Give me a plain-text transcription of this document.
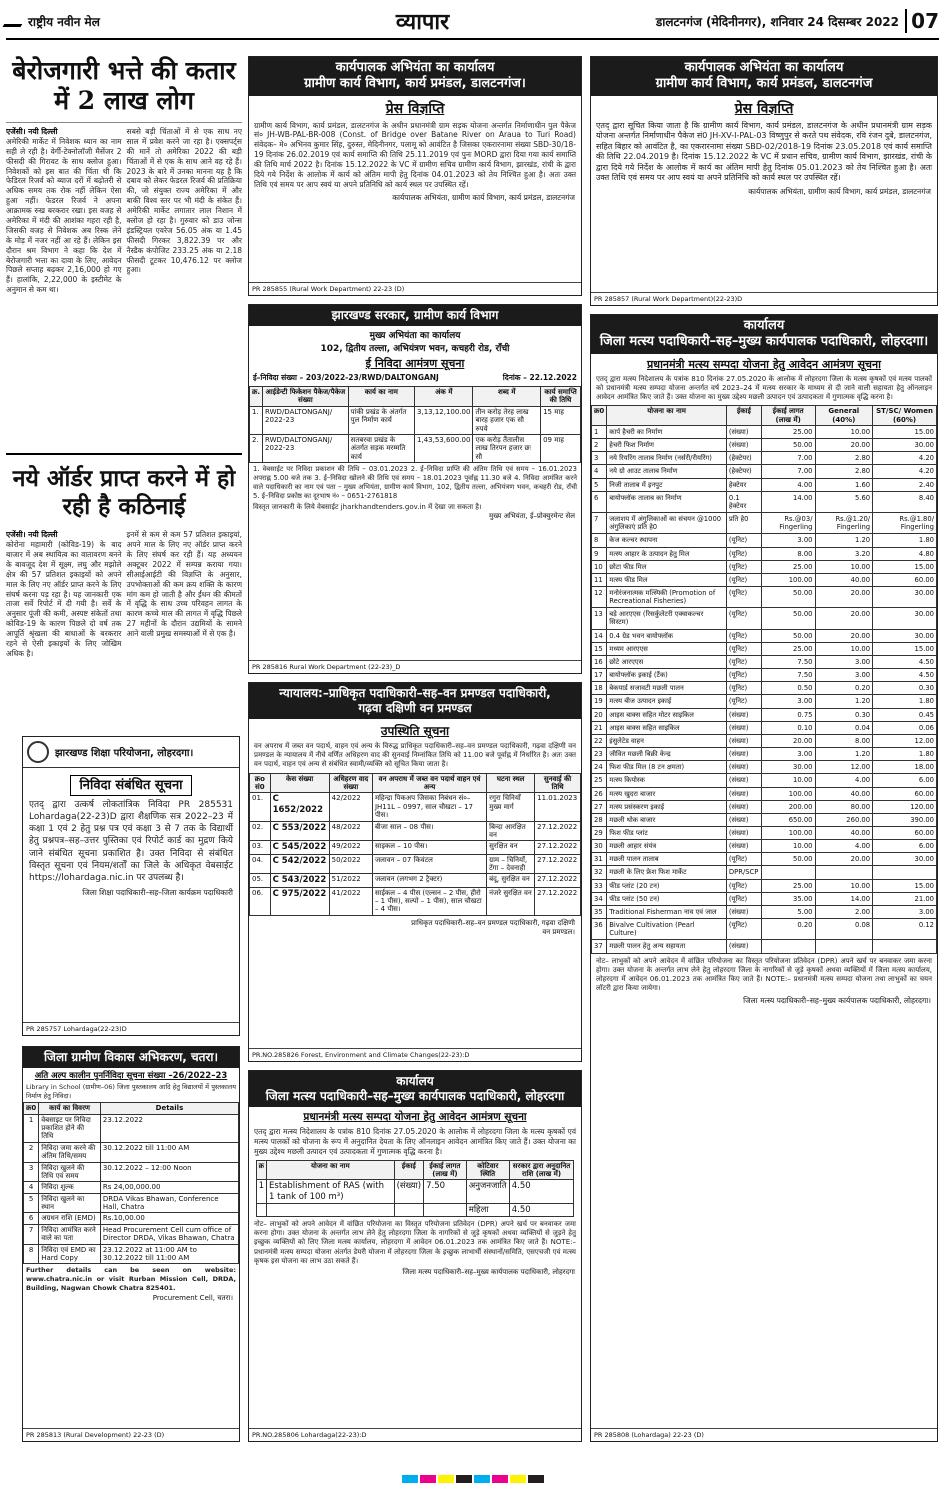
राष्ट्रीय नवीन मेल	व्यापार	डालटनगंज (मेदिनीनगर), शनिवार 24 दिसम्बर 2022 07
बेरोजगारी भत्ते की कतार में 2 लाख लोग
एजेंसी। नयी दिल्ली
अमेरिकी मार्केट में निवेशक ध्यान का नाम सही ले रही है। वेर्गी-टेक्नोलॉजी मैसेंजर 2 फीसदी की गिरावट के साथ क्लोज हुआ। निवेशकों को इस बात की चिंता थी कि फेडिरल रिजर्व को ब्याज दरों में बढ़ोतरी से अधिक समय तक रोक नहीं लेकिन ऐसा हुआ नहीं। फेडरल रिजर्व ने अपना आक्रामक रुख बरकरार रखा। इस वजह से अमेरिका में मंदी की आशंका गहरा रही है, जिसकी वजह से निवेशक अब रिस्क लेने के मोड़ में नजर नहीं आ रहे हैं। लेकिन इस दौरान श्रम विभाग ने कहा कि देश में बेरोजगारी भत्ता का दावा के लिए, आवेदन पिछले सप्ताह बढ़कर 2,16,000 हो गए हैं। हालांकि, 2,22,000 के इस्टीमेट के अनुमान से कम था।
सबसे बड़ी चिंताओं में से एक साथ नए साल में प्रवेश करने जा रहा है। एक्सपर्ट्स की मानें तो अमेरिका 2022 की बड़ी चिंताओं में से एक के साथ आने वह रहे हैं। 2023 के बारे में उनका मानना यह है कि दबाव को लेकर फेडरल रिजर्व की प्रतिक्रिया की, जो संयुक्त राज्य अमेरिका में और बाकी विश्व स्तर पर भी मंदी के संकेत हैं। अमेरिकी मार्केट लगातार लाल निशान में क्लोज हो रहा है। गुरुवार को डाउ जोन्स इंडस्ट्रियल एवरेज 56.05 अंक या 1.45 फीसदी गिरकर 3,822.39 पर और नैस्डैक कंपोजिट 233.25 अंक या 2.18 फीसदी टूटकर 10,476.12 पर क्लोज हुआ।
नये ऑर्डर प्राप्त करने में हो रही है कठिनाई
एजेंसी। नयी दिल्ली
कोरोना महामारी (कोविड-19) के बाद बाजार में अब स्थायित्व का वातावरण बनने के बावजूद देश में सूक्ष्म, लघु और मझोले क्षेत्र की 57 प्रतिशत इकाइयों को अपने माल के लिए नए ऑर्डर प्राप्त करने के लिए संघर्ष करना पड़ रहा है। यह जानकारी एक ताजा सर्वे रिपोर्ट में दी गयी है। सर्वे के अनुसार पूंजी की कमी, अस्पष्ट संकेतों तथा कोविड-19 के कारण पिछले दो वर्ष तक आपूर्ति श्रृंखला की बाधाओं के बरकरार रहने से ऐसी इकाइयों के लिए जोखिम अधिक है।
इनमें से कम से कम 57 प्रतिशत इकाइयां, अपने माल के लिए नए ऑर्डर प्राप्त करने के लिए संघर्ष कर रही हैं। यह अध्ययन अक्टूबर 2022 में सम्पन्न कराया गया। सीआईआईटी की विज्ञप्ति के अनुसार, उपभोक्ताओं की कम क्रय शक्ति के कारण मांग कम हो जाती है और ईंधन की कीमतों में वृद्धि के साथ उच्च परिवहन लागत के कारण कच्चे माल की लागत में वृद्धि पिछले 27 महीनों के दौरान उद्यमियों के सामने आने वाली प्रमुख समस्याओं में से एक है।
झारखण्ड शिक्षा परियोजना, लोहरदगा।
निविदा संबंधित सूचना
एतद् द्वारा उत्कर्ष लोकतांत्रिक निविदा PR 285531 Lohardaga(22-23)D द्वारा शैक्षणिक सत्र 2022–23 में कक्षा 1 एवं 2 हेतु प्रश्न पत्र एवं कक्षा 3 से 7 तक के विद्यार्थी हेतु प्रश्नपत्र–सह–उत्तर पुस्तिका एवं रिपोर्ट कार्ड का मुद्रण किये जाने संबंधित सूचना प्रकाशित है। उक्त निविदा से संबंधित विस्तृत सूचना एवं नियम/शर्तों का जिले के अधिकृत वेबसाईट https://lohardaga.nic.in पर उपलब्ध है।
जिला शिक्षा पदाधिकारी–सह–जिला कार्यक्रम पदाधिकारी
PR 285757 Lohardaga(22-23)D
जिला ग्रामीण विकास अभिकरण, चतरा।
अति अल्प कालीन पुनर्निविदा सूचना संख्या –26/2022–23
Library in School (ग्रामीण–06) जिला पुस्तकालय आदि हेतु विद्यालयों में पुस्तकालय निर्माण हेतु निविदा।
क्र0	कार्य का विवरण	Details
1	वेबसाइट पर निविदा प्रकाशित होने की तिथि	23.12.2022
2	निविदा जमा करने की अंतिम तिथि/समय	30.12.2022 till 11:00 AM
3	निविदा खुलने की तिथि एवं समय	30.12.2022 – 12:00 Noon
4	निविदा शुल्क	Rs 24,00,000.00
5	निविदा खुलने का स्थान	DRDA Vikas Bhawan, Conference Hall, Chatra
6	अग्रधन राशि (EMD)	Rs.10,00.00
7	निविदा आमंत्रित करने वाले का पता	Head Procurement Cell cum office of Director DRDA, Vikas Bhawan, Chatra
8	निविदा एवं EMD का Hard Copy	23.12.2022 at 11:00 AM to 30.12.2022 till 11:00 AM
Further details can be seen on website: www.chatra.nic.in or visit Rurban Mission Cell, DRDA, Building, Nagwan Chowk Chatra 825401.
Procurement Cell, चतरा।
PR 285813 (Rural Development) 22-23 (D)
कार्यपालक अभियंता का कार्यालय
ग्रामीण कार्य विभाग, कार्य प्रमंडल, डालटनगंज।
प्रेस विज्ञप्ति
ग्रामीण कार्य विभाग, कार्य प्रमंडल, डालटनगंज के अधीन प्रधानमंत्री ग्राम सड़क योजना अन्तर्गत निर्माणाधीन पुल पैकेज सं० JH-WB-PAL-BR-008 (Const. of Bridge over Batane River on Araua to Turi Road) संवेदक– मे० अभिनव कुमार सिंह, दुरुस्त, मेदिनीनगर, पलामू को आवंटित है जिसका एकरारनामा संख्या SBD-30/18-19 दिनांक 26.02.2019 एवं कार्य समाप्ति की तिथि 25.11.2019 एवं पुनः MORD द्वारा दिया गया कार्य समाप्ति की तिथि मार्च 2022 है। दिनांक 15.12.2022 के VC में ग्रामीण सचिव ग्रामीण कार्य विभाग, झारखंड, रांची के द्वारा दिये गये निर्देश के आलोक में कार्य को अंतिम मापी हेतु दिनांक 04.01.2023 को तेय निश्चित हुआ है। अतः उक्त तिथि एवं समय पर आप स्वयं या अपने प्रतिनिधि को कार्य स्थल पर उपस्थित रहें।
कार्यपालक अभियंता, ग्रामीण कार्य विभाग, कार्य प्रमंडल, डालटनगंज
PR 285855 (Rural Work Department) 22-23 (D)
झारखण्ड सरकार, ग्रामीण कार्य विभाग
मुख्य अभियंता का कार्यालय
102, द्वितीय तल्ला, अभियंत्रण भवन, कचहरी रोड, राँची
ई निविदा आमंत्रण सूचना
ई–निविदा संख्या – 203/2022-23/RWD/DALTONGANJ	दिनांक – 22.12.2022
क्र.	आईडेन्टी फिकेशन पैकेज/पैकेज संख्या	कार्य का नाम	अंक में	शब्द में	कार्य समाप्ति की तिथि
1.	RWD/DALTONGANJ/ 2022-23	पांकी प्रखंड के अंतर्गत पुल निर्माण कार्य	3,13,12,100.00	तीन करोड़ तेरह लाख बारह हजार एक सौ रुपये	15 माह
2.	RWD/DALTONGANJ/ 2022-23	सतबरवा प्रखंड के अंतर्गत सड़क मरम्मति कार्य	1,43,53,600.00	एक करोड़ तैंतालीस लाख तिरपन हजार छः सौ	09 माह
1. वेबसाईट पर निविदा प्रकाशन की तिथि – 03.01.2023 2. ई–निविदा प्राप्ति की अंतिम तिथि एवं समय – 16.01.2023 अपराह्न 5.00 बजे तक 3. ई–निविदा खोलने की तिथि एवं समय – 18.01.2023 पूर्वाह्न 11.30 बजे 4. निविदा आमंत्रित करने वाले पदाधिकारी का नाम एवं पता – मुख्य अभियंता, ग्रामीण कार्य विभाग, 102, द्वितीय तल्ला, अभियंत्रण भवन, कचहरी रोड, राँची 5. ई–निविदा प्रकोष्ठ का दूरभाष नं० – 0651-2761818
विस्तृत जानकारी के लिये वेबसाईट jharkhandtenders.gov.in में देखा जा सकता है।
मुख्य अभियंता, ई–प्रोक्युरमेन्ट सेल
PR 285816 Rural Work Department (22-23)_D
न्यायालय:–प्राधिकृत पदाधिकारी–सह–वन प्रमण्डल पदाधिकारी,
गढ़वा दक्षिणी वन प्रमण्डल
उपस्थिति सूचना
वन अपराध में जब्त वन पदार्थ, वाहन एवं अन्य के विरुद्ध प्राधिकृत पदाधिकारी–सह–वन प्रमण्डल पदाधिकारी, गढ़वा दक्षिणी वन प्रमण्डल के न्यायालय में नीचे वर्णित अधिहरण वाद की सुनवाई निम्नांकित तिथि को 11.00 बजे पूर्वाह्न में निर्धारित है। अतः उक्त वन पदार्थ, वाहन एवं अन्य से संबंधित स्वामी/व्यक्ति को सूचित किया जाता है।
क्रo सं0	केस संख्या	अधिहरण वाद संख्या	वन अपराध में जब्त वन पदार्थ वाहन एवं अन्य	घटना स्थल	सुनवाई की तिथि
01.	C 1652/2022	42/2022	महिन्द्रा पिकअप जिसका निबंधन सं०– JH11L – 0997, साल चौखटा – 17 पीस।	रगुरा चिनियाँ मुख्य मार्ग	11.01.2023
02.	C 553/2022	48/2022	बीजा साल – 08 पीस।	बिन्दा आरक्षित वन	27.12.2022
03.	C 545/2022	49/2022	साइकल – 10 पीस।	सुरक्षित वन	27.12.2022
04.	C 542/2022	50/2022	जलावन – 07 किवंटल	ग्राम – चिनियाँ, टेंगा – देवनाही	27.12.2022
05.	C 543/2022	51/2022	जलावन (लगभग 2 ट्रैक्टर)	बंदू, सुरक्षित वन	27.12.2022
06.	C 975/2022	41/2022	साईकल – 4 पीस (एल्सन – 2 पीस, हीरो – 1 पीस), सल्पो – 1 पीस), साल चौखटा – 4 पीस।	नंजरे सुरक्षित वन	27.12.2022
प्राधिकृत पदाधिकारी–सह–वन प्रमण्डल पदाधिकारी, गढ़वा दक्षिणी वन प्रमण्डल।
PR.NO.285826 Forest, Environment and Climate Changes(22-23):D
कार्यालय
जिला मत्स्य पदाधिकारी–सह–मुख्य कार्यपालक पदाधिकारी, लोहरदगा
प्रधानमंत्री मत्स्य सम्पदा योजना हेतु आवेदन आमंत्रण सूचना
एतद् द्वारा मत्स्य निदेशालय के पत्रांक 810 दिनांक 27.05.2020 के आलोक में लोहरदगा जिला के मत्स्य कृषकों एवं मत्स्य पालकों को योजना के रूप में अनुदानित देयता के लिए ऑनलाइन आवेदन आमंत्रित किए जाते हैं। उक्त योजना का मुख्य उद्देश्य मछली उत्पादन एवं उत्पादकता में गुणात्मक वृद्धि करना है।
क्र	योजना का नाम	ईकाई	ईकाई लागत (लाख में)	कोटिवार स्थिति	सरकार द्वारा अनुदानित राशि (लाख में)
1	Establishment of RAS (with 1 tank of 100 m³)	(संख्या)	7.50	अनुजनजाति	4.50
				महिला	4.50
नोट– लाभुकों को अपने आवेदन में वांछित परियोजना का विस्तृत परियोजना प्रतिवेदन (DPR) अपने खर्च पर बनवाकर जमा करना होगा। उक्त योजना के अन्तर्गत लाभ लेने हेतु लोहरदगा जिला के नागरिकों से जुड़े कृषकों अथवा व्यक्तियों से जुड़ने हेतु इच्छुक व्यक्तियों को लिए जिला मत्स्य कार्यालय, लोहरदगा में आवेदन 06.01.2023 तक आमंत्रित किए जाते हैं। NOTE:– प्रधानमंत्री मत्स्य सम्पदा योजना अंतर्गत डेयरी योजना में लोहरदगा जिला के इच्छुक लाभार्थी संस्थानों/समिति, एसएचजी एवं मत्स्य कृषक इस योजना का लाभ उठा सकते हैं।
जिला मत्स्य पदाधिकारी–सह–मुख्य कार्यपालक पदाधिकारी, लोहरदगा
PR.NO.285806 Lohardaga(22-23):D
कार्यपालक अभियंता का कार्यालय
ग्रामीण कार्य विभाग, कार्य प्रमंडल, डालटनगंज
प्रेस विज्ञप्ति
एतद् द्वारा सूचित किया जाता है कि ग्रामीण कार्य विभाग, कार्य प्रमंडल, डालटनगंज के अधीन प्रधानमंत्री ग्राम सड़क योजना अन्तर्गत निर्माणाधीन पैकेज सं0 JH-XV-I-PAL-03 विष्णुपुर से करते पथ संवेदक, रवि रंजन दुबे, डालटनगंज, सहित बिहार को आवंटित है, का एकरारनामा संख्या SBD-02/2018-19 दिनांक 23.05.2018 एवं कार्य समाप्ति की तिथि 22.04.2019 है। दिनांक 15.12.2022 के VC में प्रधान सचिव, ग्रामीण कार्य विभाग, झारखंड, रांची के द्वारा दिये गये निर्देश के आलोक में कार्य का अंतिम मापी हेतु दिनांक 05.01.2023 को तेय निश्चित हुआ है। अतः उक्त तिथि एवं समय पर आप स्वयं या अपने प्रतिनिधि को कार्य स्थल पर उपस्थित रहें।
कार्यपालक अभियंता, ग्रामीण कार्य विभाग, कार्य प्रमंडल, डालटनगंज
PR 285857 (Rural Work Department)(22-23)D
कार्यालय
जिला मत्स्य पदाधिकारी–सह–मुख्य कार्यपालक पदाधिकारी, लोहरदगा।
प्रधानमंत्री मत्स्य सम्पदा योजना हेतु आवेदन आमंत्रण सूचना
एतद् द्वारा मत्स्य निदेशालय के पत्रांक 810 दिनांक 27.05.2020 के आलोक में लोहरदगा जिला के मत्स्य कृषकों एवं मत्स्य पालकों को प्रधानमंत्री मत्स्य सम्पदा योजना अन्तर्गत वर्ष 2023–24 में मत्स्य सरकार के माध्यम से दी जाने वाली सहायता हेतु ऑनलाइन आवेदन आमंत्रित किए जाते हैं। उक्त योजना का मुख्य उद्देश्य मछली उत्पादन एवं उत्पादकता में गुणात्मक वृद्धि करना है।
क्र0	योजना का नाम	ईकाई	ईकाई लागत (लाख में)	General (40%)	ST/SC/ Women (60%)
1	कार्प हैचरी का निर्माण	(संख्या)	25.00	10.00	15.00
2	हेचरी फिश निर्माण	(संख्या)	50.00	20.00	30.00
3	नये रियरिंग तालाब निर्माण (नर्सरी/रीयरिंग)	(हेक्टेयर)	7.00	2.80	4.20
4	नये ग्रो आउट तालाब निर्माण	(हेक्टेयर)	7.00	2.80	4.20
5	निजी तालाब में इनपुट	हेक्टेयर	4.00	1.60	2.40
6	बायोफ्लॉक तालाब का निर्माण	0.1 हेक्टेयर	14.00	5.60	8.40
7	जलाशय में अंगुलिकाओं का संचयन @1000 अंगुलिकाएं प्रति हे0	प्रति हे0	Rs.@03/ Fingerling	Rs.@1.20/ Fingerling	Rs.@1.80/ Fingerling
8	केज कल्चर स्थापना	(यूनिट)	3.00	1.20	1.80
9	मत्स्य आहार के उत्पादन हेतु मिल	(यूनिट)	8.00	3.20	4.80
10	छोटा फीड मिल	(यूनिट)	25.00	10.00	15.00
11	मत्स्य फीड मिल	(यूनिट)	100.00	40.00	60.00
12	मनोरंजनात्मक मत्स्यिकी (Promotion of Recreational Fisheries)	(यूनिट)	50.00	20.00	30.00
13	बड़े आरएएस (रिसर्कुलेटरी एक्वाकल्चर सिस्टम)	(यूनिट)	50.00	20.00	30.00
14	0.4 ग्रेड भवन बायोफ्लॉक	(यूनिट)	50.00	20.00	30.00
15	मध्यम आरएएस	(यूनिट)	25.00	10.00	15.00
16	छोटे आरएएस	(यूनिट)	7.50	3.00	4.50
17	बायोफ्लॉक इकाई (टैंक)	(यूनिट)	7.50	3.00	4.50
18	बेकयार्ड सजावटी मछली पालन	(यूनिट)	0.50	0.20	0.30
19	मत्स्य बीज उत्पादन इकाई	(यूनिट)	3.00	1.20	1.80
20	आइस बाक्स सहित मोटर साइकिल	(संख्या)	0.75	0.30	0.45
21	आइस बाक्स सहित साइकिल	(संख्या)	0.10	0.04	0.06
22	इंसुलेटेड वाहन	(संख्या)	20.00	8.00	12.00
23	जीवित मछली बिक्री केन्द्र	(संख्या)	3.00	1.20	1.80
24	फिश फीड मिल (8 टन क्षमता)	(संख्या)	30.00	12.00	18.00
25	मत्स्य कियोस्क	(संख्या)	10.00	4.00	6.00
26	मत्स्य खुदरा बाजार	(संख्या)	100.00	40.00	60.00
27	मत्स्य प्रसंस्करण इकाई	(संख्या)	200.00	80.00	120.00
28	मछली थोक बाजार	(संख्या)	650.00	260.00	390.00
29	फिश फीड प्लांट	(संख्या)	100.00	40.00	60.00
30	मछली आहार संयंत्र	(संख्या)	10.00	4.00	6.00
31	मछली पालन तालाब	(यूनिट)	50.00	20.00	30.00
32	मछली के लिए फ्रेश फिश मार्केट	DPR/SCP			
33	फीड प्लांट (20 टन)	(यूनिट)	25.00	10.00	15.00
34	फीड प्लांट (50 टन)	(यूनिट)	35.00	14.00	21.00
35	Traditional Fisherman नाव एवं जाल	(संख्या)	5.00	2.00	3.00
36	Bivalve Cultivation (Pearl Culture)	(यूनिट)	0.20	0.08	0.12
37	मछली पालन हेतु अन्य सहायता	(संख्या)			
नोट– लाभुकों को अपने आवेदन में वांछित परियोजना का विस्तृत परियोजना प्रतिवेदन (DPR) अपने खर्च पर बनवाकर जमा करना होगा। उक्त योजना के अन्तर्गत लाभ लेने हेतु लोहरदगा जिला के नागरिकों से जुड़े कृषकों अथवा व्यक्तियों में जिला मत्स्य कार्यालय, लोहरदगा में आवेदन 06.01.2023 तक आमंत्रित किए जाते हैं। NOTE:– प्रधानमंत्री मत्स्य सम्पदा योजना तथा लाभुकों का चयन लॉटरी द्वारा किया जायेगा।
जिला मत्स्य पदाधिकारी–सह–मुख्य कार्यपालक पदाधिकारी, लोहरदगा।
PR 285808 (Lohardaga) 22-23 (D)
